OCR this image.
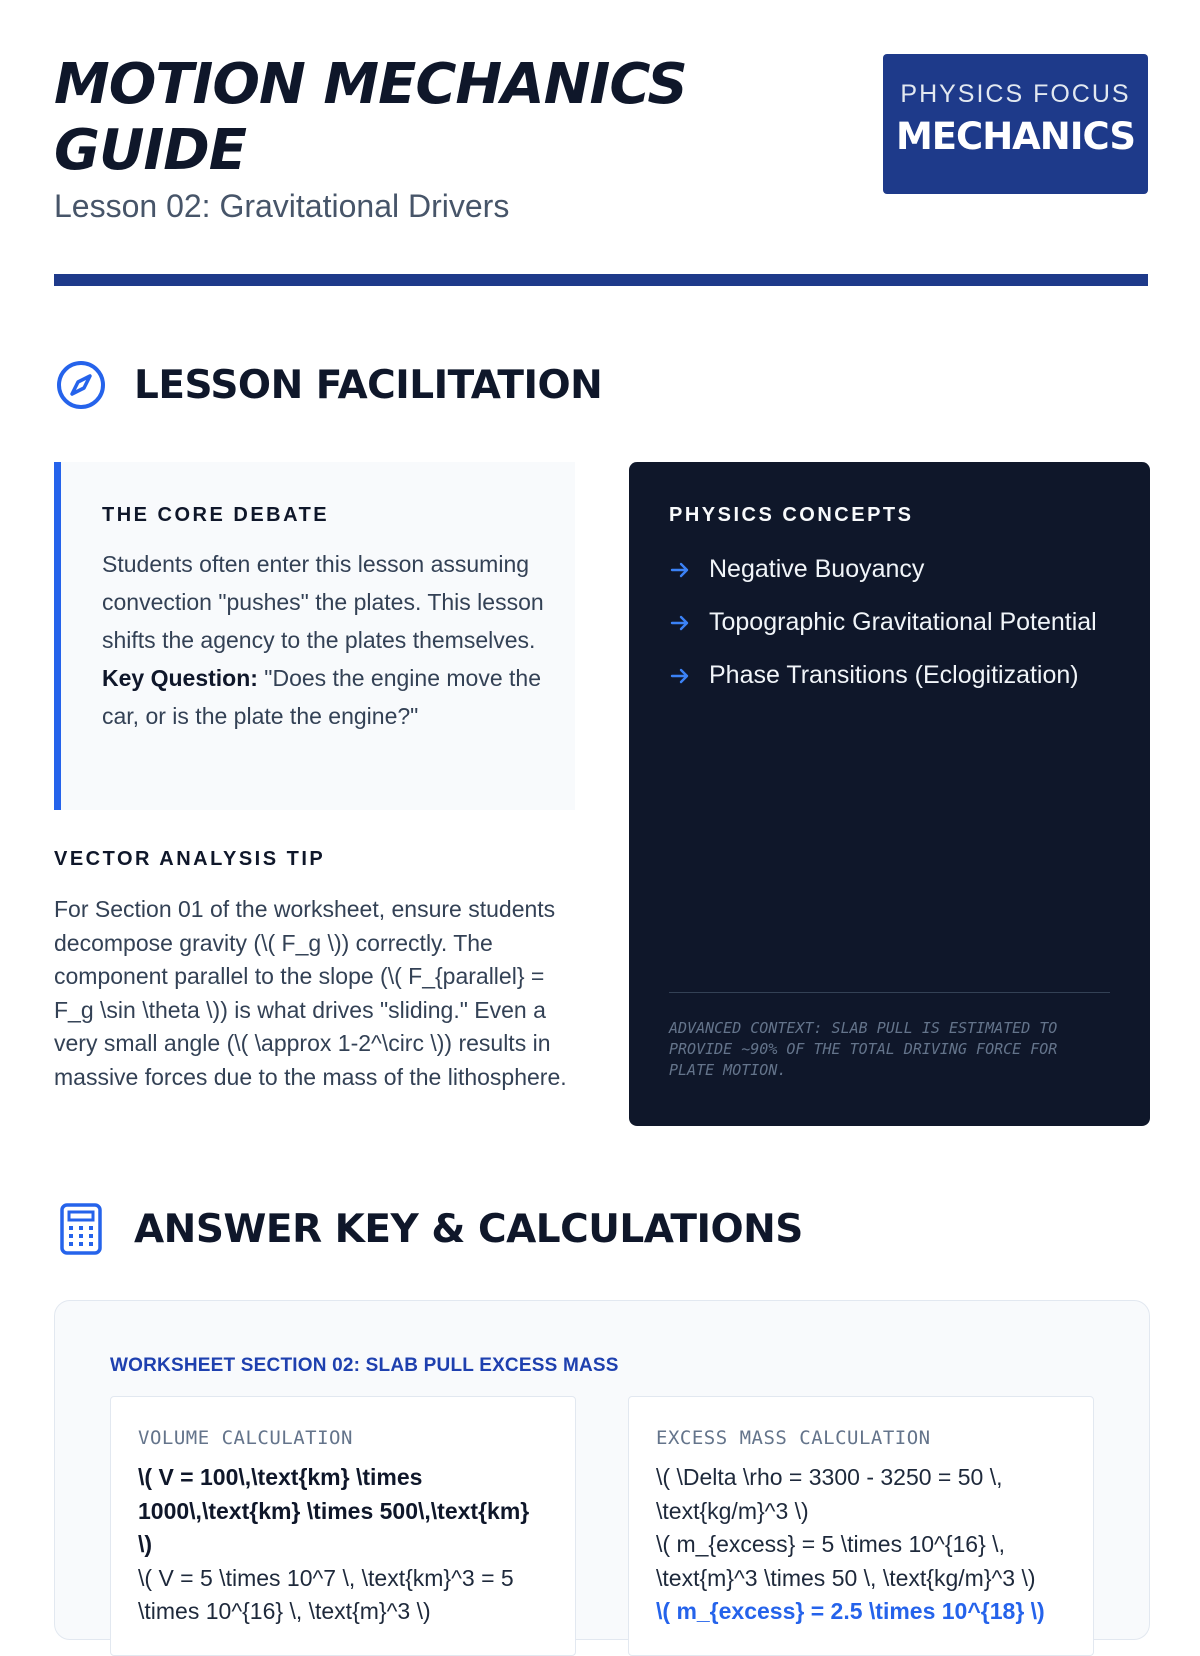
MOTION MECHANICS GUIDE
Lesson 02: Gravitational Drivers
PHYSICS FOCUS
MECHANICS
LESSON FACILITATION
THE CORE DEBATE

Students often enter this lesson assuming convection "pushes" the plates. This lesson shifts the agency to the plates themselves. Key Question: "Does the engine move the car, or is the plate the engine?"

VECTOR ANALYSIS TIP

For Section 01 of the worksheet, ensure students decompose gravity (\( F_g \)) correctly. The component parallel to the slope (\( F_{parallel} = F_g \sin \theta \)) is what drives "sliding." Even a very small angle (\( \approx 1-2^\circ \)) results in massive forces due to the mass of the lithosphere.

PHYSICS CONCEPTS
Negative Buoyancy
Topographic Gravitational Potential
Phase Transitions (Eclogitization)
ADVANCED CONTEXT: SLAB PULL IS ESTIMATED TO PROVIDE ~90% OF THE TOTAL DRIVING FORCE FOR PLATE MOTION.
ANSWER KEY & CALCULATIONS
WORKSHEET SECTION 02: SLAB PULL EXCESS MASS
VOLUME CALCULATION
\( V = 100\,\text{km} \times 1000\,\text{km} \times 500\,\text{km} \)
\( V = 5 \times 10^7 \, \text{km}^3 = 5 \times 10^{16} \, \text{m}^3 \)
EXCESS MASS CALCULATION
\( \Delta \rho = 3300 - 3250 = 50 \, \text{kg/m}^3 \)
\( m_{excess} = 5 \times 10^{16} \, \text{m}^3 \times 50 \, \text{kg/m}^3 \)
\( m_{excess} = 2.5 \times 10^{18} \)
